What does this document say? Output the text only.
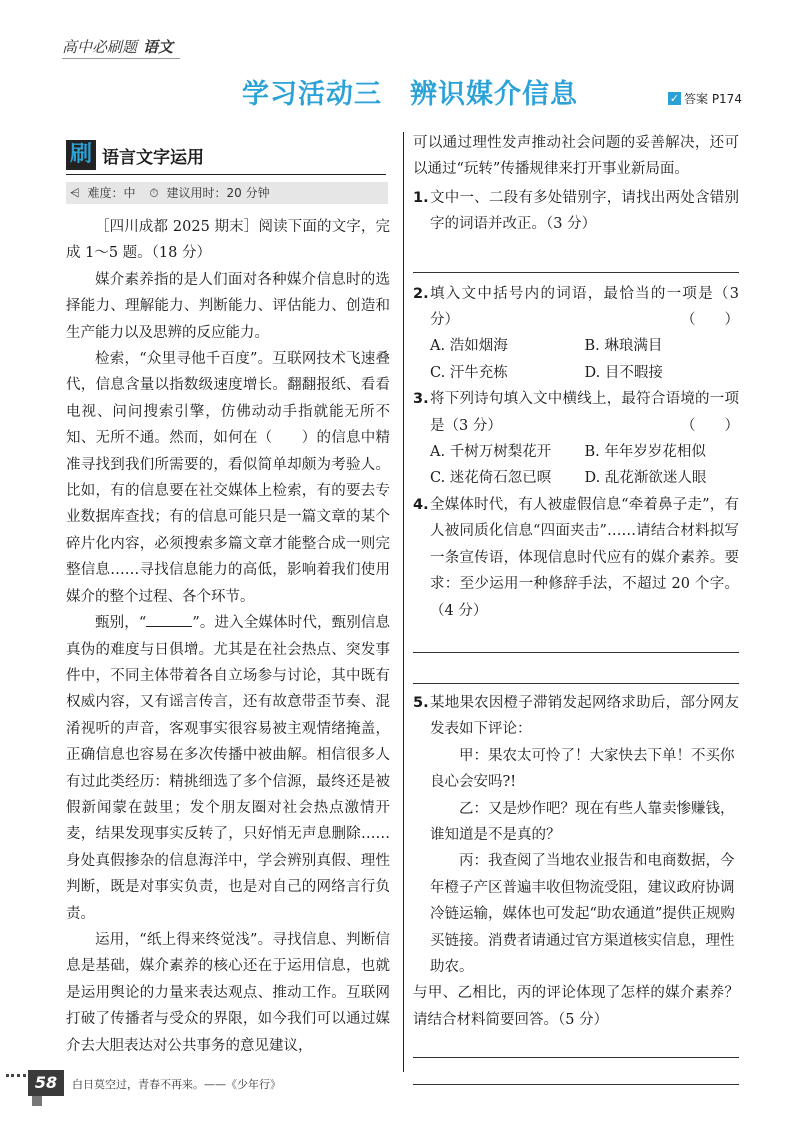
高中必刷题 语文
学习活动三　辨识媒介信息	✓ 答案 P174
刷 语言文字运用
⩤ 难度：中 ⏱ 建议用时：20 分钟

［四川成都 2025 期末］阅读下面的文字，完成 1～5 题。（18 分）

媒介素养指的是人们面对各种媒介信息时的选择能力、理解能力、判断能力、评估能力、创造和生产能力以及思辨的反应能力。

检索，“众里寻他千百度”。互联网技术飞速叠代，信息含量以指数级速度增长。翻翻报纸、看看电视、问问搜索引擎，仿佛动动手指就能无所不知、无所不通。然而，如何在（　　）的信息中精准寻找到我们所需要的，看似简单却颇为考验人。比如，有的信息要在社交媒体上检索，有的要去专业数据库查找；有的信息可能只是一篇文章的某个碎片化内容，必须搜索多篇文章才能整合成一则完整信息……寻找信息能力的高低，影响着我们使用媒介的整个过程、各个环节。

甄别，“	”。进入全媒体时代，甄别信息真伪的难度与日俱增。尤其是在社会热点、突发事件中，不同主体带着各自立场参与讨论，其中既有权威内容，又有谣言传言，还有故意带歪节奏、混淆视听的声音，客观事实很容易被主观情绪掩盖，正确信息也容易在多次传播中被曲解。相信很多人有过此类经历：精挑细选了多个信源，最终还是被假新闻蒙在鼓里；发个朋友圈对社会热点激情开麦，结果发现事实反转了，只好悄无声息删除……身处真假掺杂的信息海洋中，学会辨别真假、理性判断，既是对事实负责，也是对自己的网络言行负责。

运用，“纸上得来终觉浅”。寻找信息、判断信息是基础，媒介素养的核心还在于运用信息，也就是运用舆论的力量来表达观点、推动工作。互联网打破了传播者与受众的界限，如今我们可以通过媒介去大胆表达对公共事务的意见建议，

可以通过理性发声推动社会问题的妥善解决，还可以通过“玩转”传播规律来打开事业新局面。

1. 文中一、二段有多处错别字，请找出两处含错别字的词语并改正。（3 分）
2. 填入文中括号内的词语，最恰当的一项是（3 分）	（　　）
A. 浩如烟海	B. 琳琅满目
C. 汗牛充栋	D. 目不暇接
3. 将下列诗句填入文中横线上，最符合语境的一项是（3 分）	（　　）
A. 千树万树梨花开	B. 年年岁岁花相似
C. 迷花倚石忽已暝	D. 乱花渐欲迷人眼
4. 全媒体时代，有人被虚假信息“牵着鼻子走”，有人被同质化信息“四面夹击”……请结合材料拟写一条宣传语，体现信息时代应有的媒介素养。要求：至少运用一种修辞手法，不超过 20 个字。（4 分）
5. 某地果农因橙子滞销发起网络求助后，部分网友发表如下评论：

甲：果农太可怜了！大家快去下单！不买你良心会安吗?!

乙：又是炒作吧？现在有些人靠卖惨赚钱，谁知道是不是真的？

丙：我查阅了当地农业报告和电商数据，今年橙子产区普遍丰收但物流受阻，建议政府协调冷链运输，媒体也可发起“助农通道”提供正规购买链接。消费者请通过官方渠道核实信息，理性助农。

与甲、乙相比，丙的评论体现了怎样的媒介素养？请结合材料简要回答。（5 分）

58	白日莫空过，青春不再来。——《少年行》
